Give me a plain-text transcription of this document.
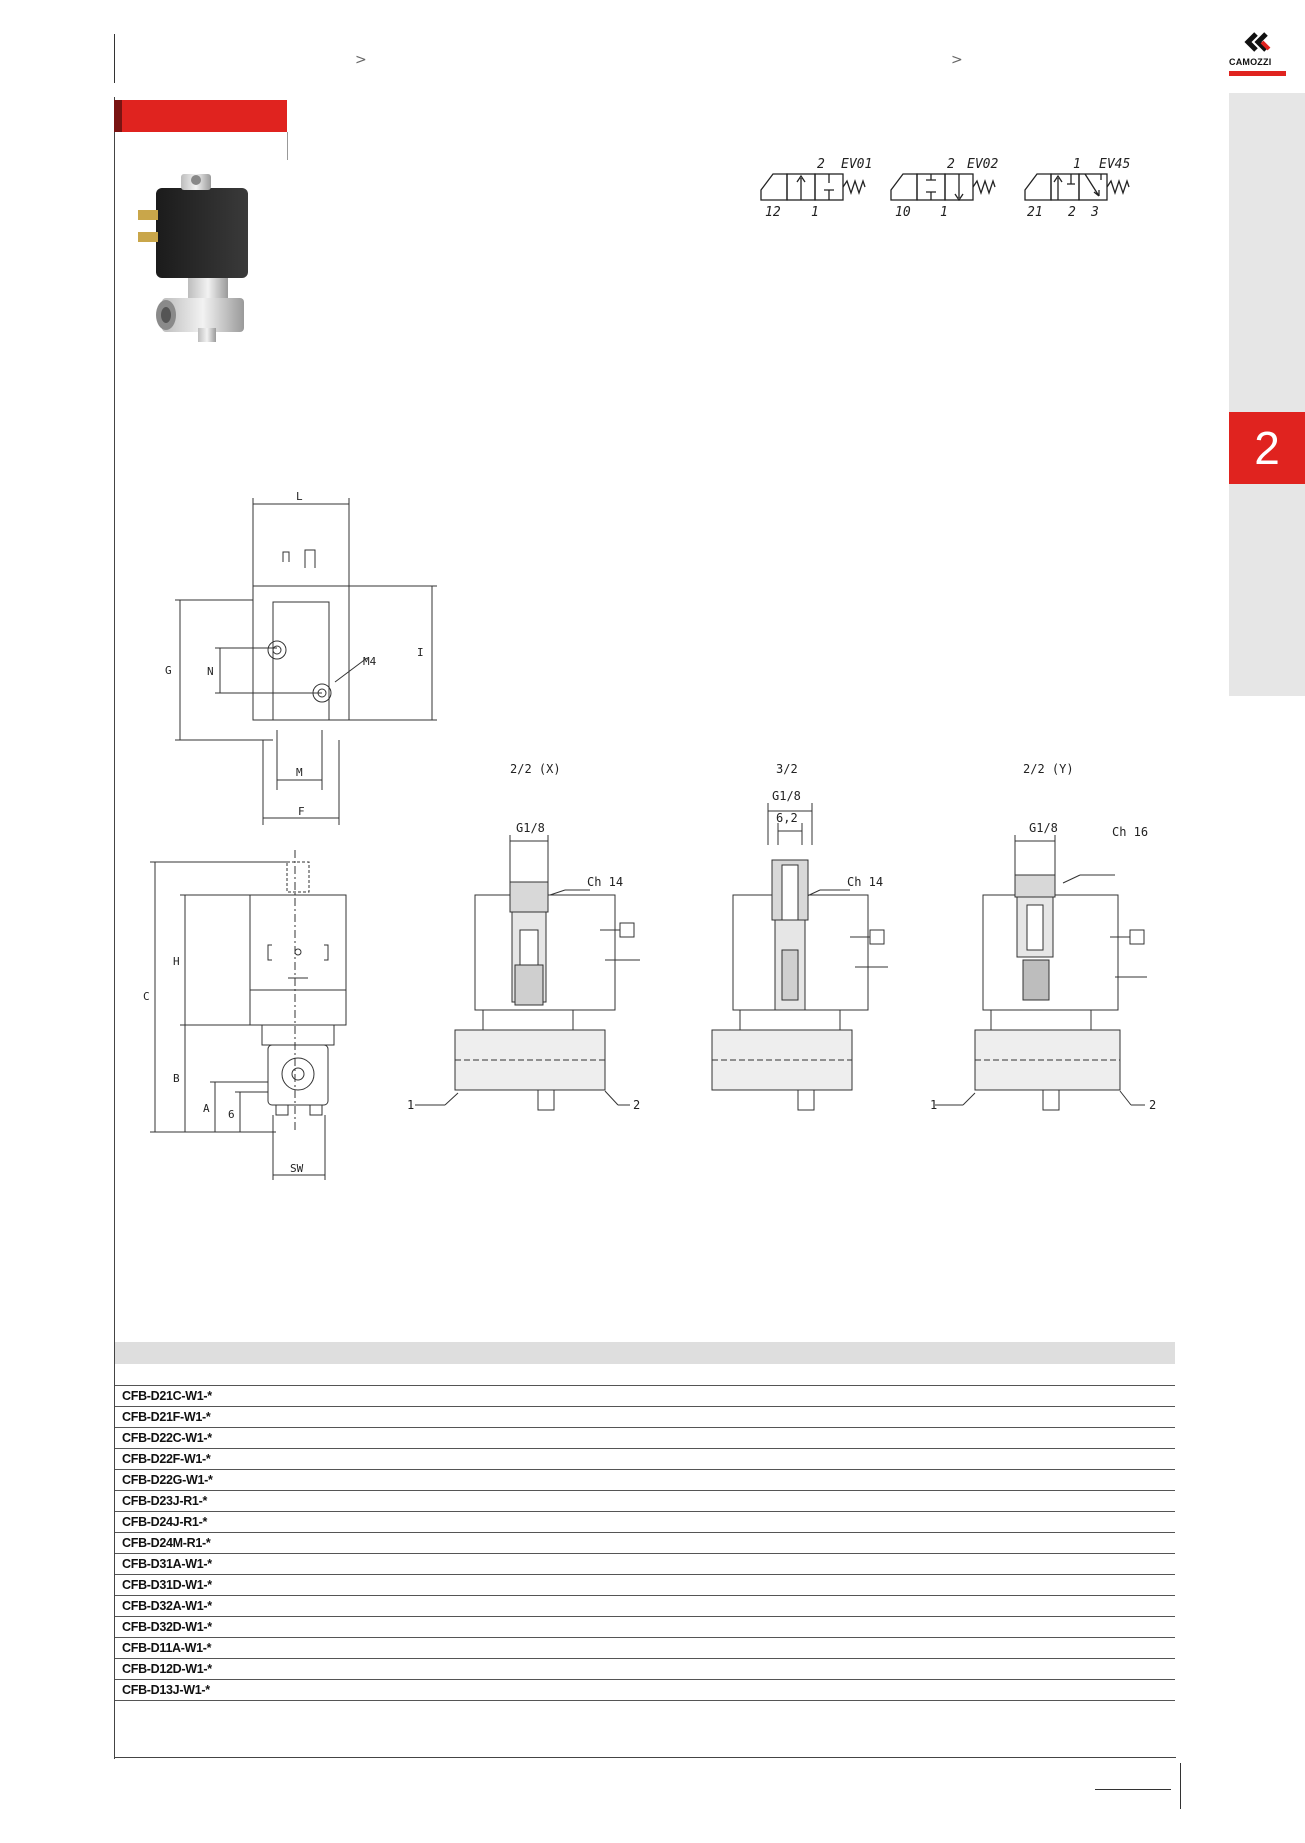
>	>	CAMOZZI
2
2 EV01
12 1
2 EV02
10 1
1 EV45
21 2 3
L
G	N
I
M4
M
F
C
H
B
A 6
SW
2/2 (X)
G1/8
Ch 14
1	2
3/2
G1/8
6,2
Ch 14
2/2 (Y)
G1/8	Ch 16
1	2

CFB-D21C-W1-*
CFB-D21F-W1-*
CFB-D22C-W1-*
CFB-D22F-W1-*
CFB-D22G-W1-*
CFB-D23J-R1-*
CFB-D24J-R1-*
CFB-D24M-R1-*
CFB-D31A-W1-*
CFB-D31D-W1-*
CFB-D32A-W1-*
CFB-D32D-W1-*
CFB-D11A-W1-*
CFB-D12D-W1-*
CFB-D13J-W1-*
